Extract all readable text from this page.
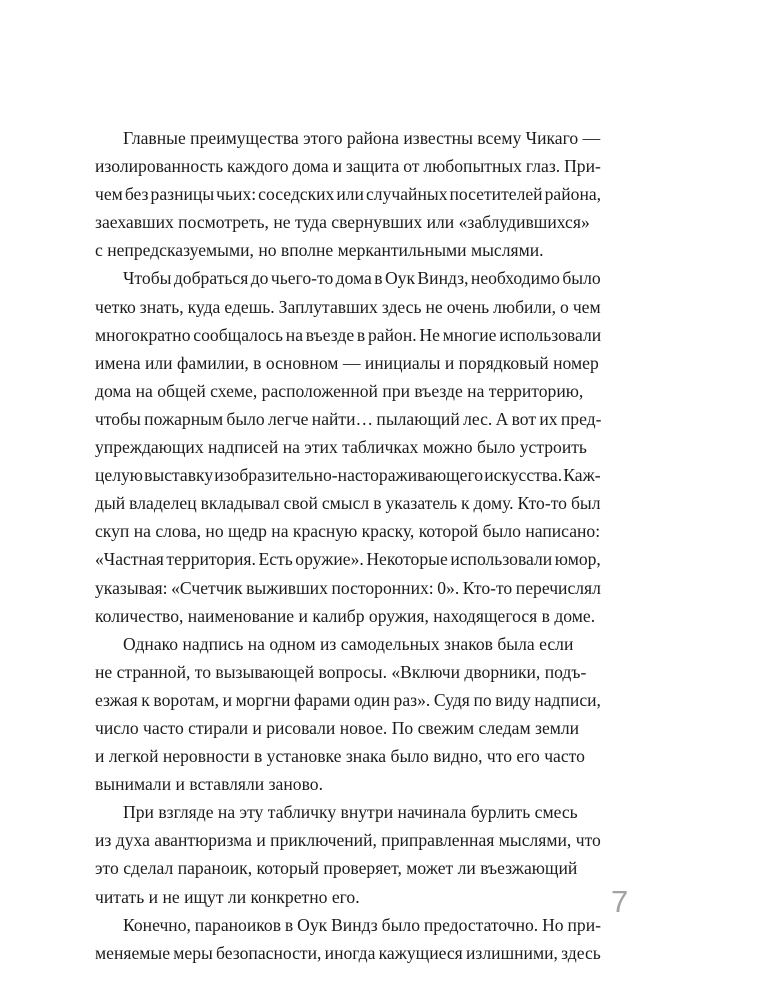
Главные преимущества этого района известны всему Чикаго —
изолированность каждого дома и защита от любопытных глаз. При-
чем без разницы чьих: соседских или случайных посетителей района,
заехавших посмотреть, не туда свернувших или «заблудившихся»
с непредсказуемыми, но вполне меркантильными мыслями.
Чтобы добраться до чьего-то дома в Оук Виндз, необходимо было
четко знать, куда едешь. Заплутавших здесь не очень любили, о чем
многократно сообщалось на въезде в район. Не многие использовали
имена или фамилии, в основном — инициалы и порядковый номер
дома на общей схеме, расположенной при въезде на территорию,
чтобы пожарным было легче найти… пылающий лес. А вот их пред-
упреждающих надписей на этих табличках можно было устроить
целую выставку изобразительно-настораживающего искусства. Каж-
дый владелец вкладывал свой смысл в указатель к дому. Кто-то был
скуп на слова, но щедр на красную краску, которой было написано:
«Частная территория. Есть оружие». Некоторые использовали юмор,
указывая: «Счетчик выживших посторонних: 0». Кто-то перечислял
количество, наименование и калибр оружия, находящегося в доме.
Однако надпись на одном из самодельных знаков была если
не странной, то вызывающей вопросы. «Включи дворники, подъ-
езжая к воротам, и моргни фарами один раз». Судя по виду надписи,
число часто стирали и рисовали новое. По свежим следам земли
и легкой неровности в установке знака было видно, что его часто
вынимали и вставляли заново.
При взгляде на эту табличку внутри начинала бурлить смесь
из духа авантюризма и приключений, приправленная мыслями, что
это сделал параноик, который проверяет, может ли въезжающий
читать и не ищут ли конкретно его.
Конечно, параноиков в Оук Виндз было предостаточно. Но при-
меняемые меры безопасности, иногда кажущиеся излишними, здесь
7
